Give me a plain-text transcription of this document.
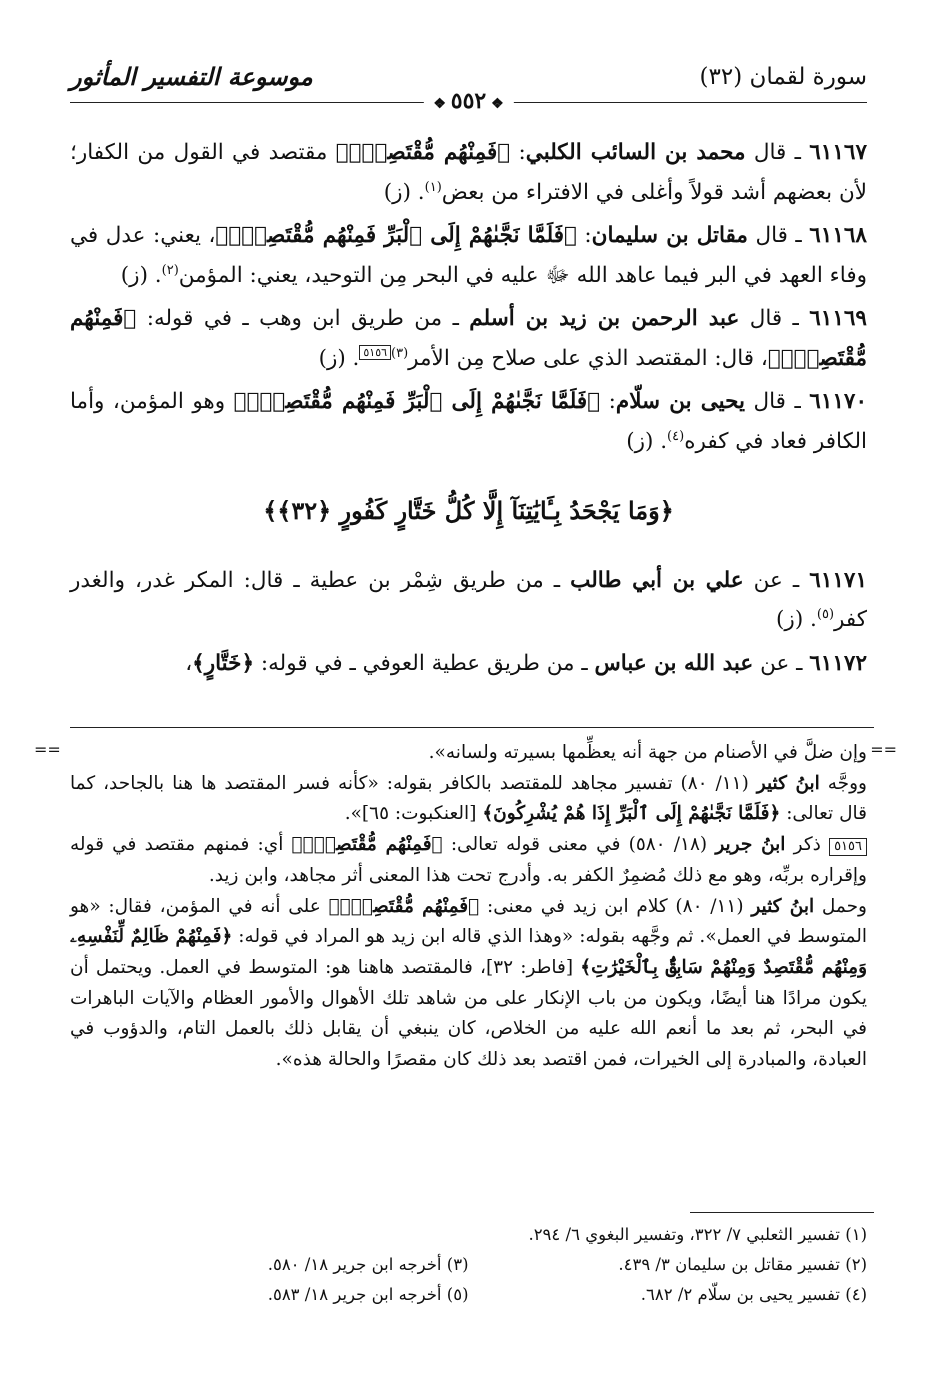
موسوعة التفسير المأثور	سورة لقمان (٣٢)
❖ ٥٥٢ ❖

٦١١٦٧ ـ قال محمد بن السائب الكلبي: ﴿فَمِنْهُم مُّقْتَصِدٌۚ﴾ مقتصد في القول من الكفار؛ لأن بعضهم أشد قولاً وأغلى في الافتراء من بعض$^{(١)}$. (ز)

٦١١٦٨ ـ قال مقاتل بن سليمان: ﴿فَلَمَّا نَجَّىٰهُمْ إِلَى ٱلْبَرِّ فَمِنْهُم مُّقْتَصِدٌۚ﴾، يعني: عدل في وفاء العهد في البر فيما عاهد الله ﷻ عليه في البحر مِن التوحيد، يعني: المؤمن$^{(٢)}$. (ز)

٦١١٦٩ ـ قال عبد الرحمن بن زيد بن أسلم ـ من طريق ابن وهب ـ في قوله: ﴿فَمِنْهُم مُّقْتَصِدٌۚ﴾، قال: المقتصد الذي على صلاح مِن الأمر$^{(٣)}$٥١٥٦. (ز)

٦١١٧٠ ـ قال يحيى بن سلّام: ﴿فَلَمَّا نَجَّىٰهُمْ إِلَى ٱلْبَرِّ فَمِنْهُم مُّقْتَصِدٌۚ﴾ وهو المؤمن، وأما الكافر فعاد في كفره$^{(٤)}$. (ز)

﴿وَمَا يَجْحَدُ بِـَٔايَٰتِنَآ إِلَّا كُلُّ خَتَّارٍ كَفُورٍ ﴿٣٢﴾﴾

٦١١٧١ ـ عن علي بن أبي طالب ـ من طريق شِمْر بن عطية ـ قال: المكر غدر، والغدر كفر$^{(٥)}$. (ز)

٦١١٧٢ ـ عن عبد الله بن عباس ـ من طريق عطية العوفي ـ في قوله: ﴿خَتَّارٍ﴾،

==	==
وإن ضلَّ في الأصنام من جهة أنه يعظِّمها بسيرته ولسانه».
ووجَّه ابنُ كثير (١١/ ٨٠) تفسير مجاهد للمقتصد بالكافر بقوله: «كأنه فسر المقتصد ها هنا بالجاحد، كما قال تعالى: ﴿فَلَمَّا نَجَّىٰهُمْ إِلَى ٱلْبَرِّ إِذَا هُمْ يُشْرِكُونَ﴾ [العنكبوت: ٦٥]».
٥١٥٦ ذكر ابنُ جرير (١٨/ ٥٨٠) في معنى قوله تعالى: ﴿فَمِنْهُم مُّقْتَصِدٌۚ﴾ أي: فمنهم مقتصد في قوله وإقراره بربِّه، وهو مع ذلك مُضمِرٌ الكفر به. وأدرج تحت هذا المعنى أثر مجاهد، وابن زيد.
وحمل ابنُ كثير (١١/ ٨٠) كلام ابن زيد في معنى: ﴿فَمِنْهُم مُّقْتَصِدٌۚ﴾ على أنه في المؤمن، فقال: «هو المتوسط في العمل». ثم وجَّهه بقوله: «وهذا الذي قاله ابن زيد هو المراد في قوله: ﴿فَمِنْهُمْ ظَالِمٌ لِّنَفْسِهِۦ وَمِنْهُم مُّقْتَصِدٌ وَمِنْهُمْ سَابِقٌۢ بِٱلْخَيْرَٰتِ﴾ [فاطر: ٣٢]، فالمقتصد هاهنا هو: المتوسط في العمل. ويحتمل أن يكون مرادًا هنا أيضًا، ويكون من باب الإنكار على من شاهد تلك الأهوال والأمور العظام والآيات الباهرات في البحر، ثم بعد ما أنعم الله عليه من الخلاص، كان ينبغي أن يقابل ذلك بالعمل التام، والدؤوب في العبادة، والمبادرة إلى الخيرات، فمن اقتصد بعد ذلك كان مقصرًا والحالة هذه».
(١) تفسير الثعلبي ٧/ ٣٢٢، وتفسير البغوي ٦/ ٢٩٤.
(٢) تفسير مقاتل بن سليمان ٣/ ٤٣٩.
(٣) أخرجه ابن جرير ١٨/ ٥٨٠.
(٤) تفسير يحيى بن سلّام ٢/ ٦٨٢.
(٥) أخرجه ابن جرير ١٨/ ٥٨٣.
